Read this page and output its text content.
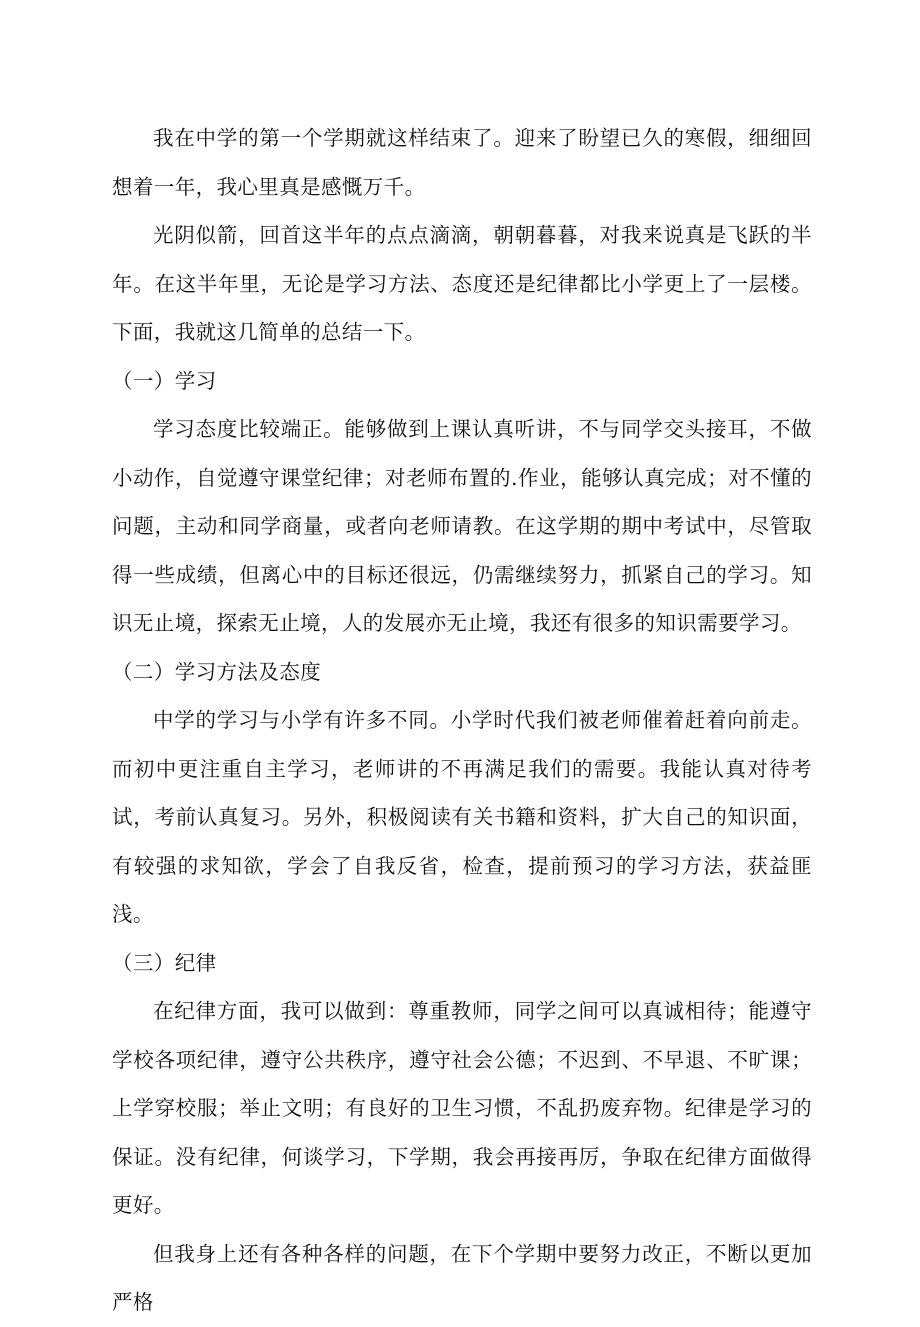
我在中学的第一个学期就这样结束了。迎来了盼望已久的寒假，细细回想着一年，我心里真是感慨万千。

光阴似箭，回首这半年的点点滴滴，朝朝暮暮，对我来说真是飞跃的半年。在这半年里，无论是学习方法、态度还是纪律都比小学更上了一层楼。下面，我就这几简单的总结一下。

（一）学习

学习态度比较端正。能够做到上课认真听讲，不与同学交头接耳，不做小动作，自觉遵守课堂纪律；对老师布置的.作业，能够认真完成；对不懂的问题，主动和同学商量，或者向老师请教。在这学期的期中考试中，尽管取得一些成绩，但离心中的目标还很远，仍需继续努力，抓紧自己的学习。知识无止境，探索无止境，人的发展亦无止境，我还有很多的知识需要学习。

（二）学习方法及态度

中学的学习与小学有许多不同。小学时代我们被老师催着赶着向前走。而初中更注重自主学习，老师讲的不再满足我们的需要。我能认真对待考试，考前认真复习。另外，积极阅读有关书籍和资料，扩大自己的知识面，有较强的求知欲，学会了自我反省，检查，提前预习的学习方法，获益匪浅。

（三）纪律

在纪律方面，我可以做到：尊重教师，同学之间可以真诚相待；能遵守学校各项纪律，遵守公共秩序，遵守社会公德；不迟到、不早退、不旷课；上学穿校服；举止文明；有良好的卫生习惯，不乱扔废弃物。纪律是学习的保证。没有纪律，何谈学习，下学期，我会再接再厉，争取在纪律方面做得更好。

但我身上还有各种各样的问题，在下个学期中要努力改正，不断以更加严格
